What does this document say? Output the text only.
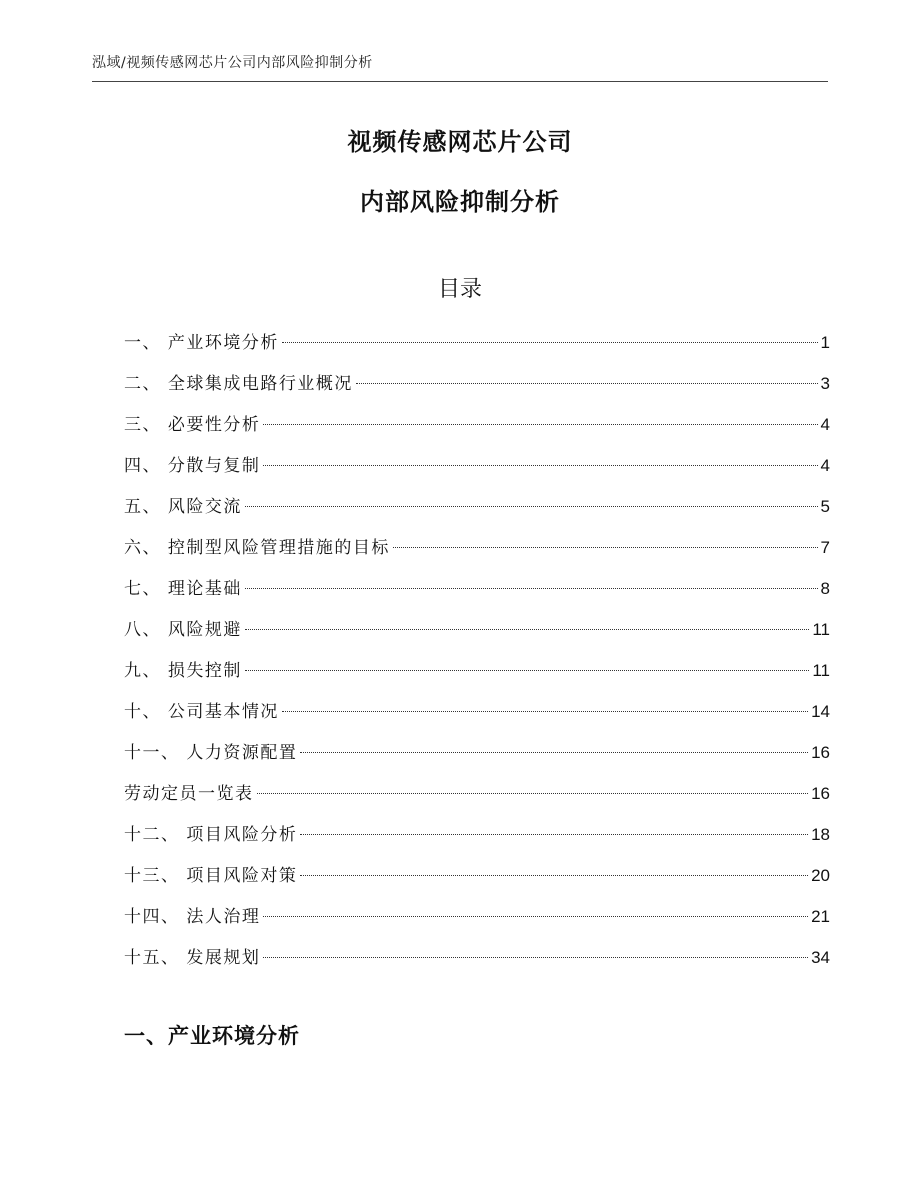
泓域/视频传感网芯片公司内部风险抑制分析
视频传感网芯片公司
内部风险抑制分析
目录
一、 产业环境分析	1
二、 全球集成电路行业概况	3
三、 必要性分析	4
四、 分散与复制	4
五、 风险交流	5
六、 控制型风险管理措施的目标	7
七、 理论基础	8
八、 风险规避	11
九、 损失控制	11
十、 公司基本情况	14
十一、 人力资源配置	16
劳动定员一览表	16
十二、 项目风险分析	18
十三、 项目风险对策	20
十四、 法人治理	21
十五、 发展规划	34
一、产业环境分析
